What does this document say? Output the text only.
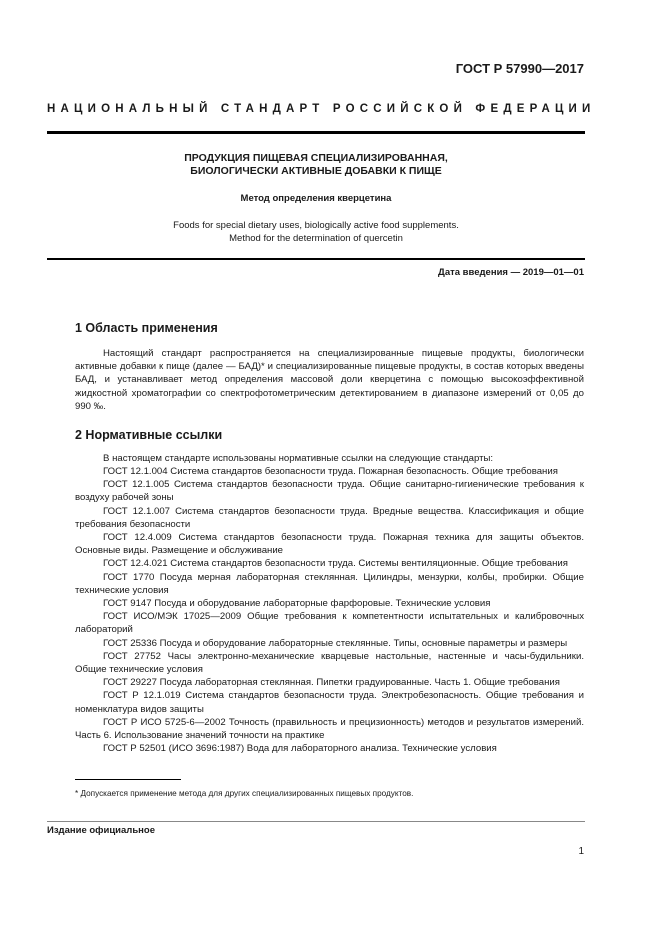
ГОСТ Р 57990—2017
НАЦИОНАЛЬНЫЙ СТАНДАРТ РОССИЙСКОЙ ФЕДЕРАЦИИ
ПРОДУКЦИЯ ПИЩЕВАЯ СПЕЦИАЛИЗИРОВАННАЯ,
БИОЛОГИЧЕСКИ АКТИВНЫЕ ДОБАВКИ К ПИЩЕ
Метод определения кверцетина
Foods for special dietary uses, biologically active food supplements.
Method for the determination of quercetin
Дата введения — 2019—01—01
1 Область применения
Настоящий стандарт распространяется на специализированные пищевые продукты, биологически активные добавки к пище (далее — БАД)* и специализированные пищевые продукты, в состав которых введены БАД, и устанавливает метод определения массовой доли кверцетина с помощью высокоэффективной жидкостной хроматографии со спектрофотометрическим детектированием в диапазоне измерений от 0,05 до 990 ‰.
2 Нормативные ссылки
В настоящем стандарте использованы нормативные ссылки на следующие стандарты:
ГОСТ 12.1.004 Система стандартов безопасности труда. Пожарная безопасность. Общие требования
ГОСТ 12.1.005 Система стандартов безопасности труда. Общие санитарно-гигиенические требования к воздуху рабочей зоны
ГОСТ 12.1.007 Система стандартов безопасности труда. Вредные вещества. Классификация и общие требования безопасности
ГОСТ 12.4.009 Система стандартов безопасности труда. Пожарная техника для защиты объектов. Основные виды. Размещение и обслуживание
ГОСТ 12.4.021 Система стандартов безопасности труда. Системы вентиляционные. Общие требования
ГОСТ 1770 Посуда мерная лабораторная стеклянная. Цилиндры, мензурки, колбы, пробирки. Общие технические условия
ГОСТ 9147 Посуда и оборудование лабораторные фарфоровые. Технические условия
ГОСТ ИСО/МЭК 17025—2009 Общие требования к компетентности испытательных и калибровочных лабораторий
ГОСТ 25336 Посуда и оборудование лабораторные стеклянные. Типы, основные параметры и размеры
ГОСТ 27752 Часы электронно-механические кварцевые настольные, настенные и часы-будильники. Общие технические условия
ГОСТ 29227 Посуда лабораторная стеклянная. Пипетки градуированные. Часть 1. Общие требования
ГОСТ Р 12.1.019 Система стандартов безопасности труда. Электробезопасность. Общие требования и номенклатура видов защиты
ГОСТ Р ИСО 5725-6—2002 Точность (правильность и прецизионность) методов и результатов измерений. Часть 6. Использование значений точности на практике
ГОСТ Р 52501 (ИСО 3696:1987) Вода для лабораторного анализа. Технические условия
* Допускается применение метода для других специализированных пищевых продуктов.
Издание официальное
1
